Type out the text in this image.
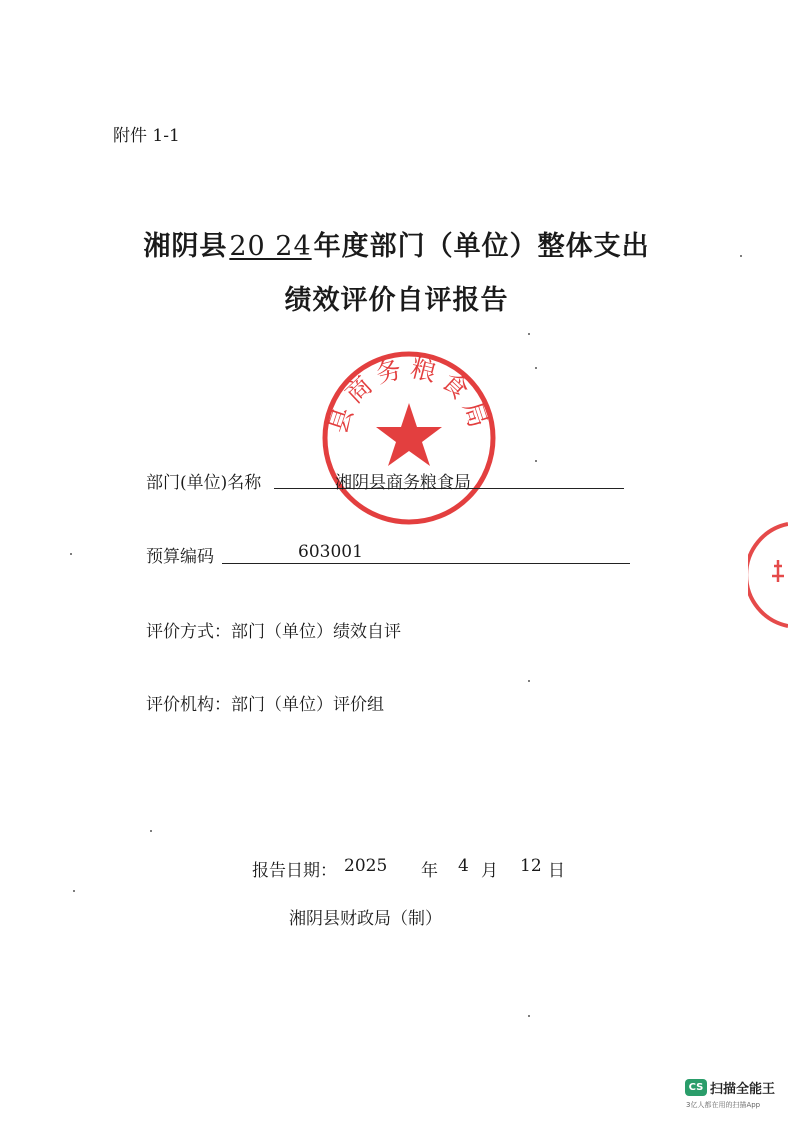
附件 1-1
湘阴县20 24年度部门（单位）整体支出
绩效评价自评报告
县商务粮食局
部门(单位)名称	湘阴县商务粮食局
预算编码	603001
评价方式：部门（单位）绩效自评
评价机构：部门（单位）评价组
报告日期： 2025 年 4 月 12 日
湘阴县财政局（制）
CS 扫描全能王
3亿人都在用的扫描App
